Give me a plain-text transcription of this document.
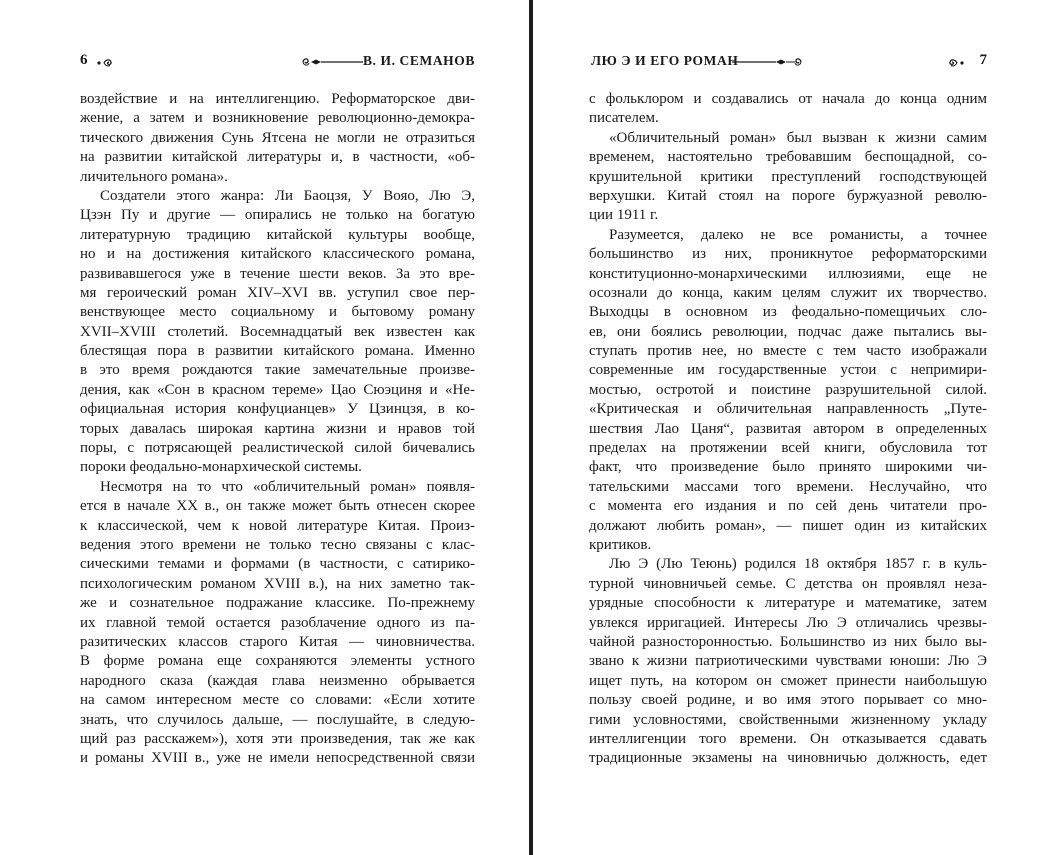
6	В. И. СЕМАНОВ
воздействие и на интеллигенцию. Реформаторское дви-
жение, а затем и возникновение революционно-демокра-
тического движения Сунь Ятсена не могли не отразиться
на развитии китайской литературы и, в частности, «об-
личительного романа».
Создатели этого жанра: Ли Баоцзя, У Вояо, Лю Э,
Цзэн Пу и другие — опирались не только на богатую
литературную традицию китайской культуры вообще,
но и на достижения китайского классического романа,
развивавшегося уже в течение шести веков. За это вре-
мя героический роман XIV–XVI вв. уступил свое пер-
венствующее место социальному и бытовому роману
XVII–XVIII столетий. Восемнадцатый век известен как
блестящая пора в развитии китайского романа. Именно
в это время рождаются такие замечательные произве-
дения, как «Сон в красном тереме» Цао Сюэциня и «Не-
официальная история конфуцианцев» У Цзинцзя, в ко-
торых давалась широкая картина жизни и нравов той
поры, с потрясающей реалистической силой бичевались
пороки феодально-монархической системы.
Несмотря на то что «обличительный роман» появля-
ется в начале XX в., он также может быть отнесен скорее
к классической, чем к новой литературе Китая. Произ-
ведения этого времени не только тесно связаны с клас-
сическими темами и формами (в частности, с сатирико-
психологическим романом XVIII в.), на них заметно так-
же и сознательное подражание классике. По-прежнему
их главной темой остается разоблачение одного из па-
разитических классов старого Китая — чиновничества.
В форме романа еще сохраняются элементы устного
народного сказа (каждая глава неизменно обрывается
на самом интересном месте со словами: «Если хотите
знать, что случилось дальше, — послушайте, в следую-
щий раз расскажем»), хотя эти произведения, так же как
и романы XVIII в., уже не имели непосредственной связи
ЛЮ Э И ЕГО РОМАН	7
с фольклором и создавались от начала до конца одним
писателем.
«Обличительный роман» был вызван к жизни самим
временем, настоятельно требовавшим беспощадной, со-
крушительной критики преступлений господствующей
верхушки. Китай стоял на пороге буржуазной револю-
ции 1911 г.
Разумеется, далеко не все романисты, а точнее
большинство из них, проникнутое реформаторскими
конституционно-монархическими иллюзиями, еще не
осознали до конца, каким целям служит их творчество.
Выходцы в основном из феодально-помещичьих сло-
ев, они боялись революции, подчас даже пытались вы-
ступать против нее, но вместе с тем часто изображали
современные им государственные устои с непримири-
мостью, остротой и поистине разрушительной силой.
«Критическая и обличительная направленность „Путе-
шествия Лао Цаня“, развитая автором в определенных
пределах на протяжении всей книги, обусловила тот
факт, что произведение было принято широкими чи-
тательскими массами того времени. Неслучайно, что
с момента его издания и по сей день читатели про-
должают любить роман», — пишет один из китайских
критиков.
Лю Э (Лю Теюнь) родился 18 октября 1857 г. в куль-
турной чиновничьей семье. С детства он проявлял неза-
урядные способности к литературе и математике, затем
увлекся ирригацией. Интересы Лю Э отличались чрезвы-
чайной разносторонностью. Большинство из них было вы-
звано к жизни патриотическими чувствами юноши: Лю Э
ищет путь, на котором он сможет принести наибольшую
пользу своей родине, и во имя этого порывает со мно-
гими условностями, свойственными жизненному укладу
интеллигенции того времени. Он отказывается сдавать
традиционные экзамены на чиновничью должность, едет
